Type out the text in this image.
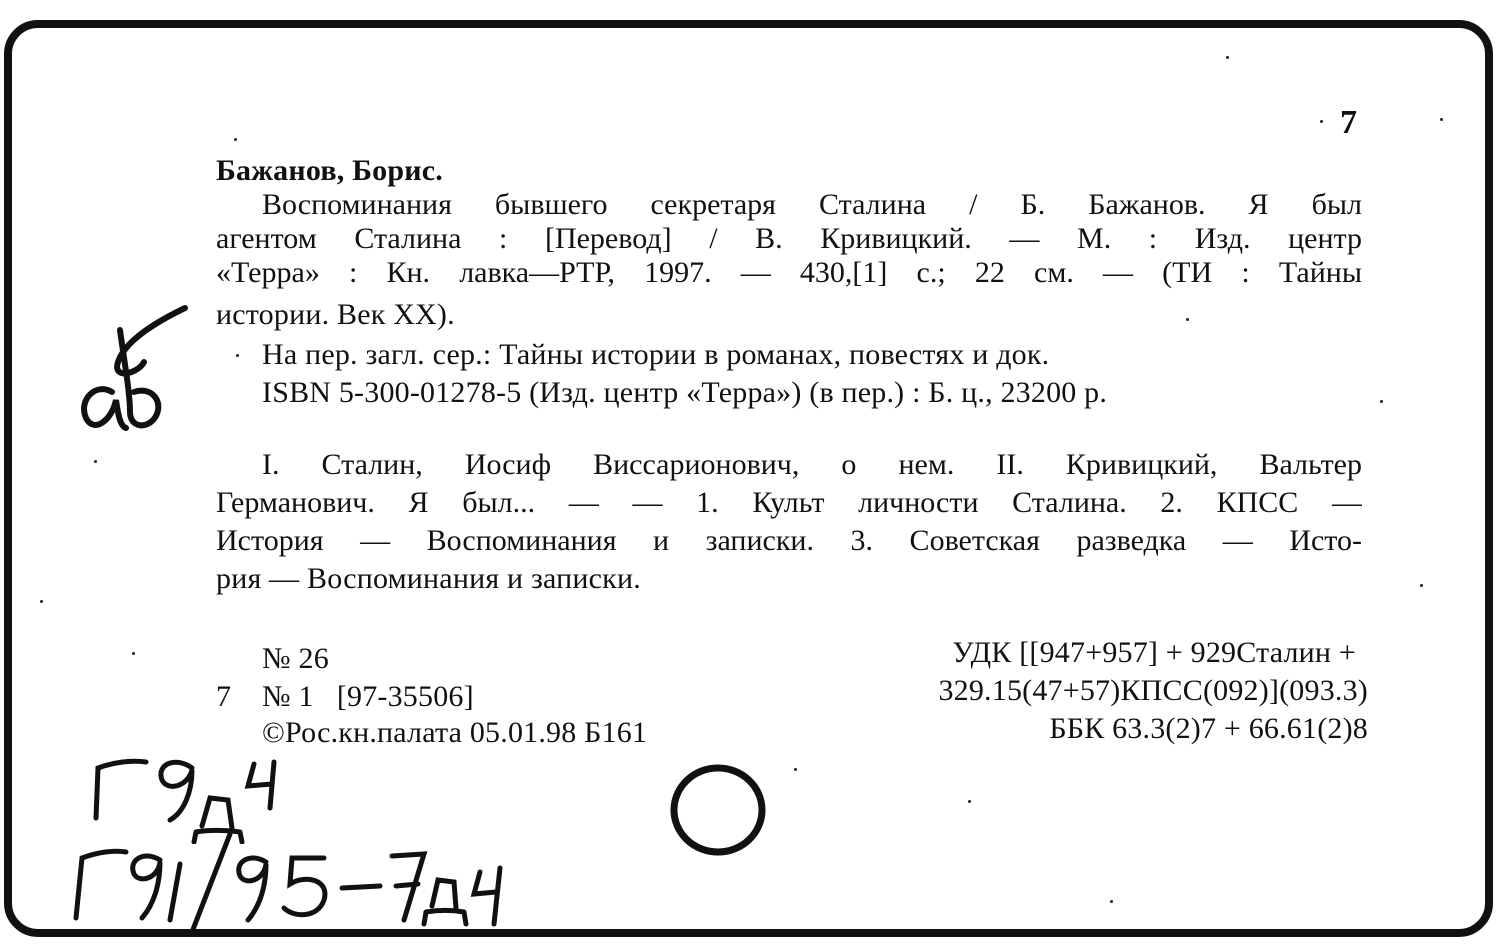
7
Бажанов, Борис.
Воспоминания бывшего секретаря Сталина / Б. Бажанов. Я был
агентом Сталина : [Перевод] / В. Кривицкий. — М. : Изд. центр
«Терра» : Кн. лавка—РТР, 1997. — 430,[1] с.; 22 см. — (ТИ : Тайны
истории. Век XX).
На пер. загл. сер.: Тайны истории в романах, повестях и док.
ISBN 5-300-01278-5 (Изд. центр «Терра») (в пер.) : Б. ц., 23200 р.
I. Сталин, Иосиф Виссарионович, о нем. II. Кривицкий, Вальтер
Германович. Я был... — — 1. Культ личности Сталина. 2. КПСС —
История — Воспоминания и записки. 3. Советская разведка — Исто-
рия — Воспоминания и записки.
№ 26
7 № 1   [97-35506]
©Рос.кн.палата 05.01.98 Б161
УДК [[947+957] + 929Сталин +
329.15(47+57)КПСС(092)](093.3)
ББК 63.3(2)7 + 66.61(2)8
